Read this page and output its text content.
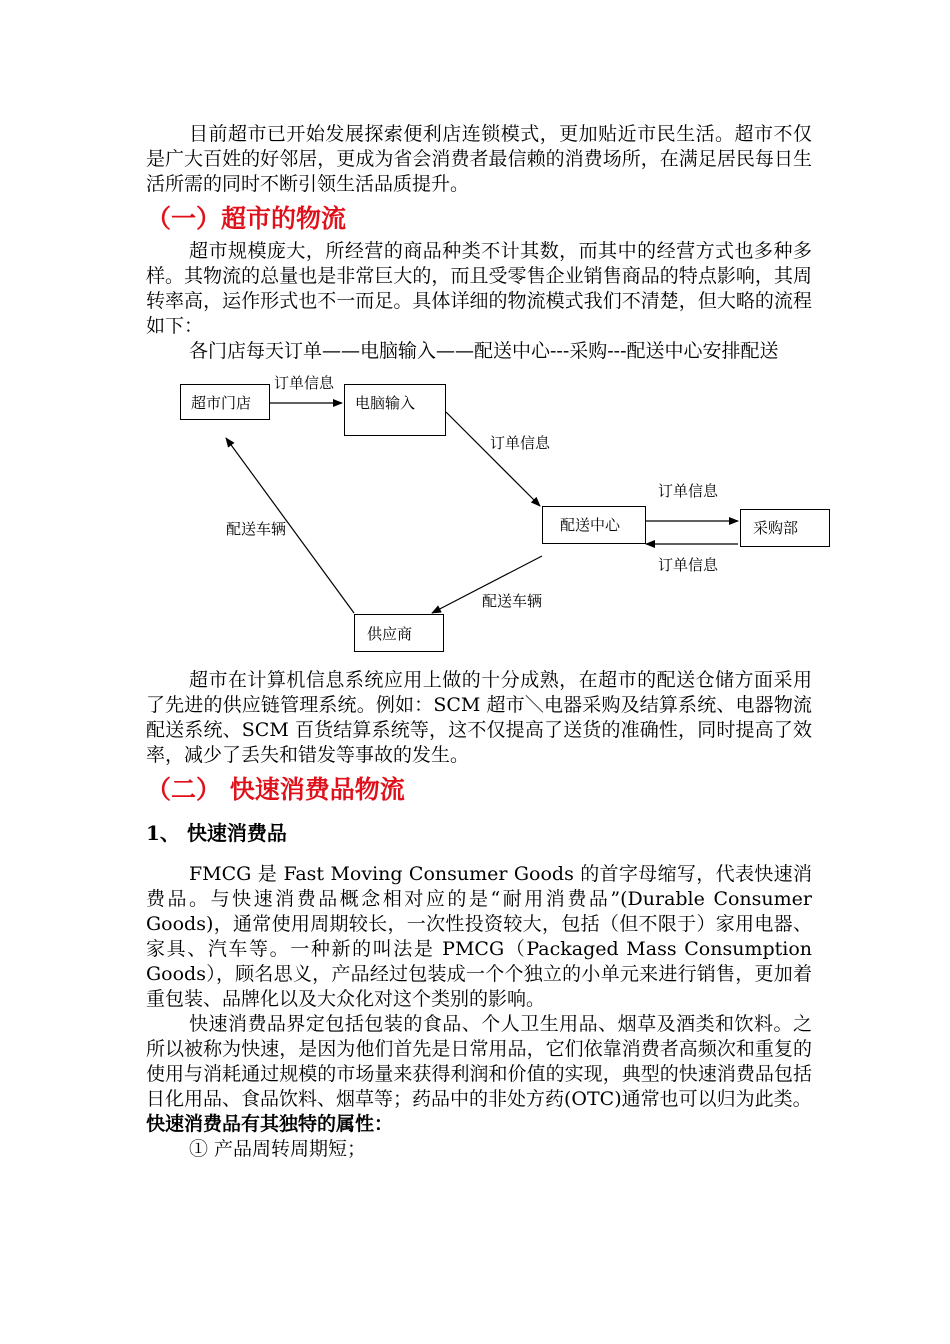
目前超市已开始发展探索便利店连锁模式，更加贴近市民生活。超市不仅是广大百姓的好邻居，更成为省会消费者最信赖的消费场所，在满足居民每日生活所需的同时不断引领生活品质提升。

（一）超市的物流

超市规模庞大，所经营的商品种类不计其数，而其中的经营方式也多种多样。其物流的总量也是非常巨大的，而且受零售企业销售商品的特点影响，其周转率高，运作形式也不一而足。具体详细的物流模式我们不清楚，但大略的流程如下：

各门店每天订单——电脑输入——配送中心---采购---配送中心安排配送

超市门店	电脑输入
配送中心	采购部
供应商
订单信息
订单信息
订单信息
订单信息
配送车辆
配送车辆

超市在计算机信息系统应用上做的十分成熟，在超市的配送仓储方面采用了先进的供应链管理系统。例如：SCM 超市＼电器采购及结算系统、电器物流配送系统、SCM 百货结算系统等，这不仅提高了送货的准确性，同时提高了效率，减少了丢失和错发等事故的发生。

（二） 快速消费品物流
1、 快速消费品

FMCG 是 Fast Moving Consumer Goods 的首字母缩写，代表快速消费品。与快速消费品概念相对应的是“耐用消费品”(Durable Consumer Goods)，通常使用周期较长，一次性投资较大，包括（但不限于）家用电器、家具、汽车等。一种新的叫法是 PMCG（Packaged Mass Consumption Goods），顾名思义，产品经过包装成一个个独立的小单元来进行销售，更加着重包装、品牌化以及大众化对这个类别的影响。

快速消费品界定包括包装的食品、个人卫生用品、烟草及酒类和饮料。之所以被称为快速，是因为他们首先是日常用品，它们依靠消费者高频次和重复的使用与消耗通过规模的市场量来获得利润和价值的实现，典型的快速消费品包括日化用品、食品饮料、烟草等；药品中的非处方药(OTC)通常也可以归为此类。

快速消费品有其独特的属性：

① 产品周转周期短；
